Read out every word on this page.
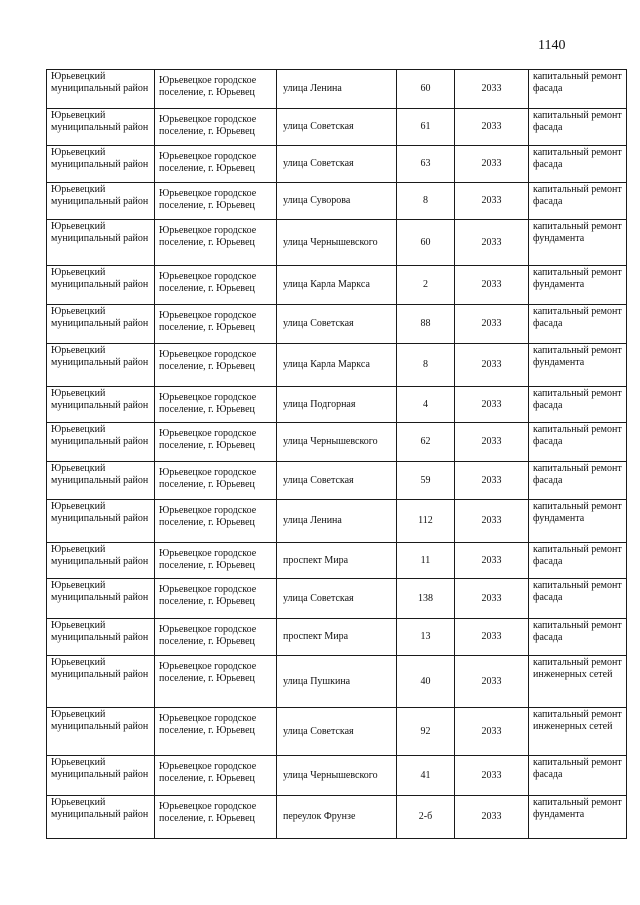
1140
Юрьевецкий муниципальный район	Юрьевецкое городское поселение, г. Юрьевец	улица Ленина	60	2033	капитальный ремонт фасада
Юрьевецкий муниципальный район	Юрьевецкое городское поселение, г. Юрьевец	улица Советская	61	2033	капитальный ремонт фасада
Юрьевецкий муниципальный район	Юрьевецкое городское поселение, г. Юрьевец	улица Советская	63	2033	капитальный ремонт фасада
Юрьевецкий муниципальный район	Юрьевецкое городское поселение, г. Юрьевец	улица Суворова	8	2033	капитальный ремонт фасада
Юрьевецкий муниципальный район	Юрьевецкое городское поселение, г. Юрьевец	улица Чернышевского	60	2033	капитальный ремонт фундамента
Юрьевецкий муниципальный район	Юрьевецкое городское поселение, г. Юрьевец	улица Карла Маркса	2	2033	капитальный ремонт фундамента
Юрьевецкий муниципальный район	Юрьевецкое городское поселение, г. Юрьевец	улица Советская	88	2033	капитальный ремонт фасада
Юрьевецкий муниципальный район	Юрьевецкое городское поселение, г. Юрьевец	улица Карла Маркса	8	2033	капитальный ремонт фундамента
Юрьевецкий муниципальный район	Юрьевецкое городское поселение, г. Юрьевец	улица Подгорная	4	2033	капитальный ремонт фасада
Юрьевецкий муниципальный район	Юрьевецкое городское поселение, г. Юрьевец	улица Чернышевского	62	2033	капитальный ремонт фасада
Юрьевецкий муниципальный район	Юрьевецкое городское поселение, г. Юрьевец	улица Советская	59	2033	капитальный ремонт фасада
Юрьевецкий муниципальный район	Юрьевецкое городское поселение, г. Юрьевец	улица Ленина	112	2033	капитальный ремонт фундамента
Юрьевецкий муниципальный район	Юрьевецкое городское поселение, г. Юрьевец	проспект Мира	11	2033	капитальный ремонт фасада
Юрьевецкий муниципальный район	Юрьевецкое городское поселение, г. Юрьевец	улица Советская	138	2033	капитальный ремонт фасада
Юрьевецкий муниципальный район	Юрьевецкое городское поселение, г. Юрьевец	проспект Мира	13	2033	капитальный ремонт фасада
Юрьевецкий муниципальный район	Юрьевецкое городское поселение, г. Юрьевец	улица Пушкина	40	2033	капитальный ремонт инженерных сетей
Юрьевецкий муниципальный район	Юрьевецкое городское поселение, г. Юрьевец	улица Советская	92	2033	капитальный ремонт инженерных сетей
Юрьевецкий муниципальный район	Юрьевецкое городское поселение, г. Юрьевец	улица Чернышевского	41	2033	капитальный ремонт фасада
Юрьевецкий муниципальный район	Юрьевецкое городское поселение, г. Юрьевец	переулок Фрунзе	2-б	2033	капитальный ремонт фундамента
